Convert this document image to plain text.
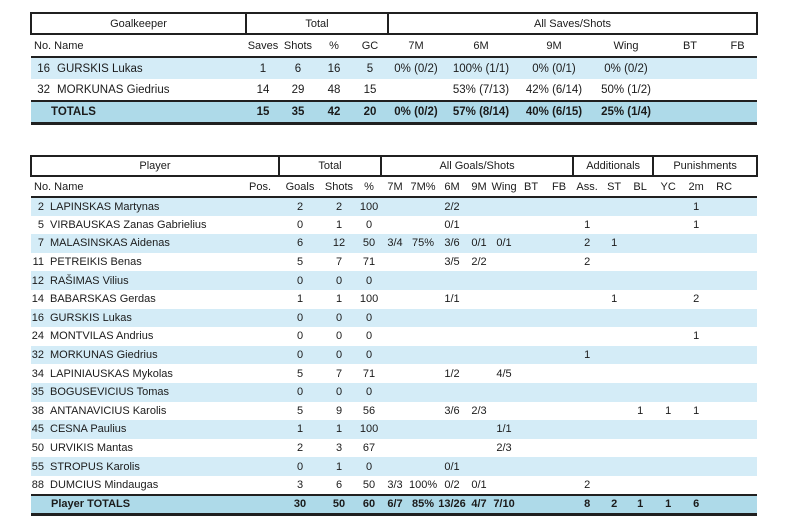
Goalkeeper	Total				All Saves/Shots					
No. Name	Saves	Shots	%	GC	7M	6M	9M	Wing	BT	FB
16 GURSKIS Lukas	1	6	16	5	0% (0/2)	100% (1/1)	0% (0/1)	0% (0/2)		
32 MORKUNAS Giedrius	14	29	48	15		53% (7/13)	42% (6/14)	50% (1/2)		
TOTALS	15	35	42	20	0% (0/2)	57% (8/14)	40% (6/15)	25% (1/4)		
Player		Total			All Goals/Shots							Additionals			Punishments			
No. Name	Pos.	Goals	Shots	%	7M	7M%	6M	9M	Wing	BT	FB	Ass.	ST	BL	YC	2m	RC	
2 LAPINSKAS Martynas		2	2	100			2/2									1		
5 VIRBAUSKAS Zanas Gabrielius		0	1	0			0/1					1				1		
7 MALASINSKAS Aidenas		6	12	50	3/4	75%	3/6	0/1	0/1			2	1					
11 PETREIKIS Benas		5	7	71			3/5	2/2				2						
12 RAŠIMAS Vilius		0	0	0														
14 BABARSKAS Gerdas		1	1	100			1/1						1			2		
16 GURSKIS Lukas		0	0	0														
24 MONTVILAS Andrius		0	0	0												1		
32 MORKUNAS Giedrius		0	0	0								1						
34 LAPINIAUSKAS Mykolas		5	7	71			1/2		4/5									
35 BOGUSEVICIUS Tomas		0	0	0														
38 ANTANAVICIUS Karolis		5	9	56			3/6	2/3						1	1	1		
45 CESNA Paulius		1	1	100					1/1									
50 URVIKIS Mantas		2	3	67					2/3									
55 STROPUS Karolis		0	1	0			0/1											
88 DUMCIUS Mindaugas		3	6	50	3/3	100%	0/2	0/1				2						
Player TOTALS		30	50	60	6/7	85%	13/26	4/7	7/10			8	2	1	1	6		
